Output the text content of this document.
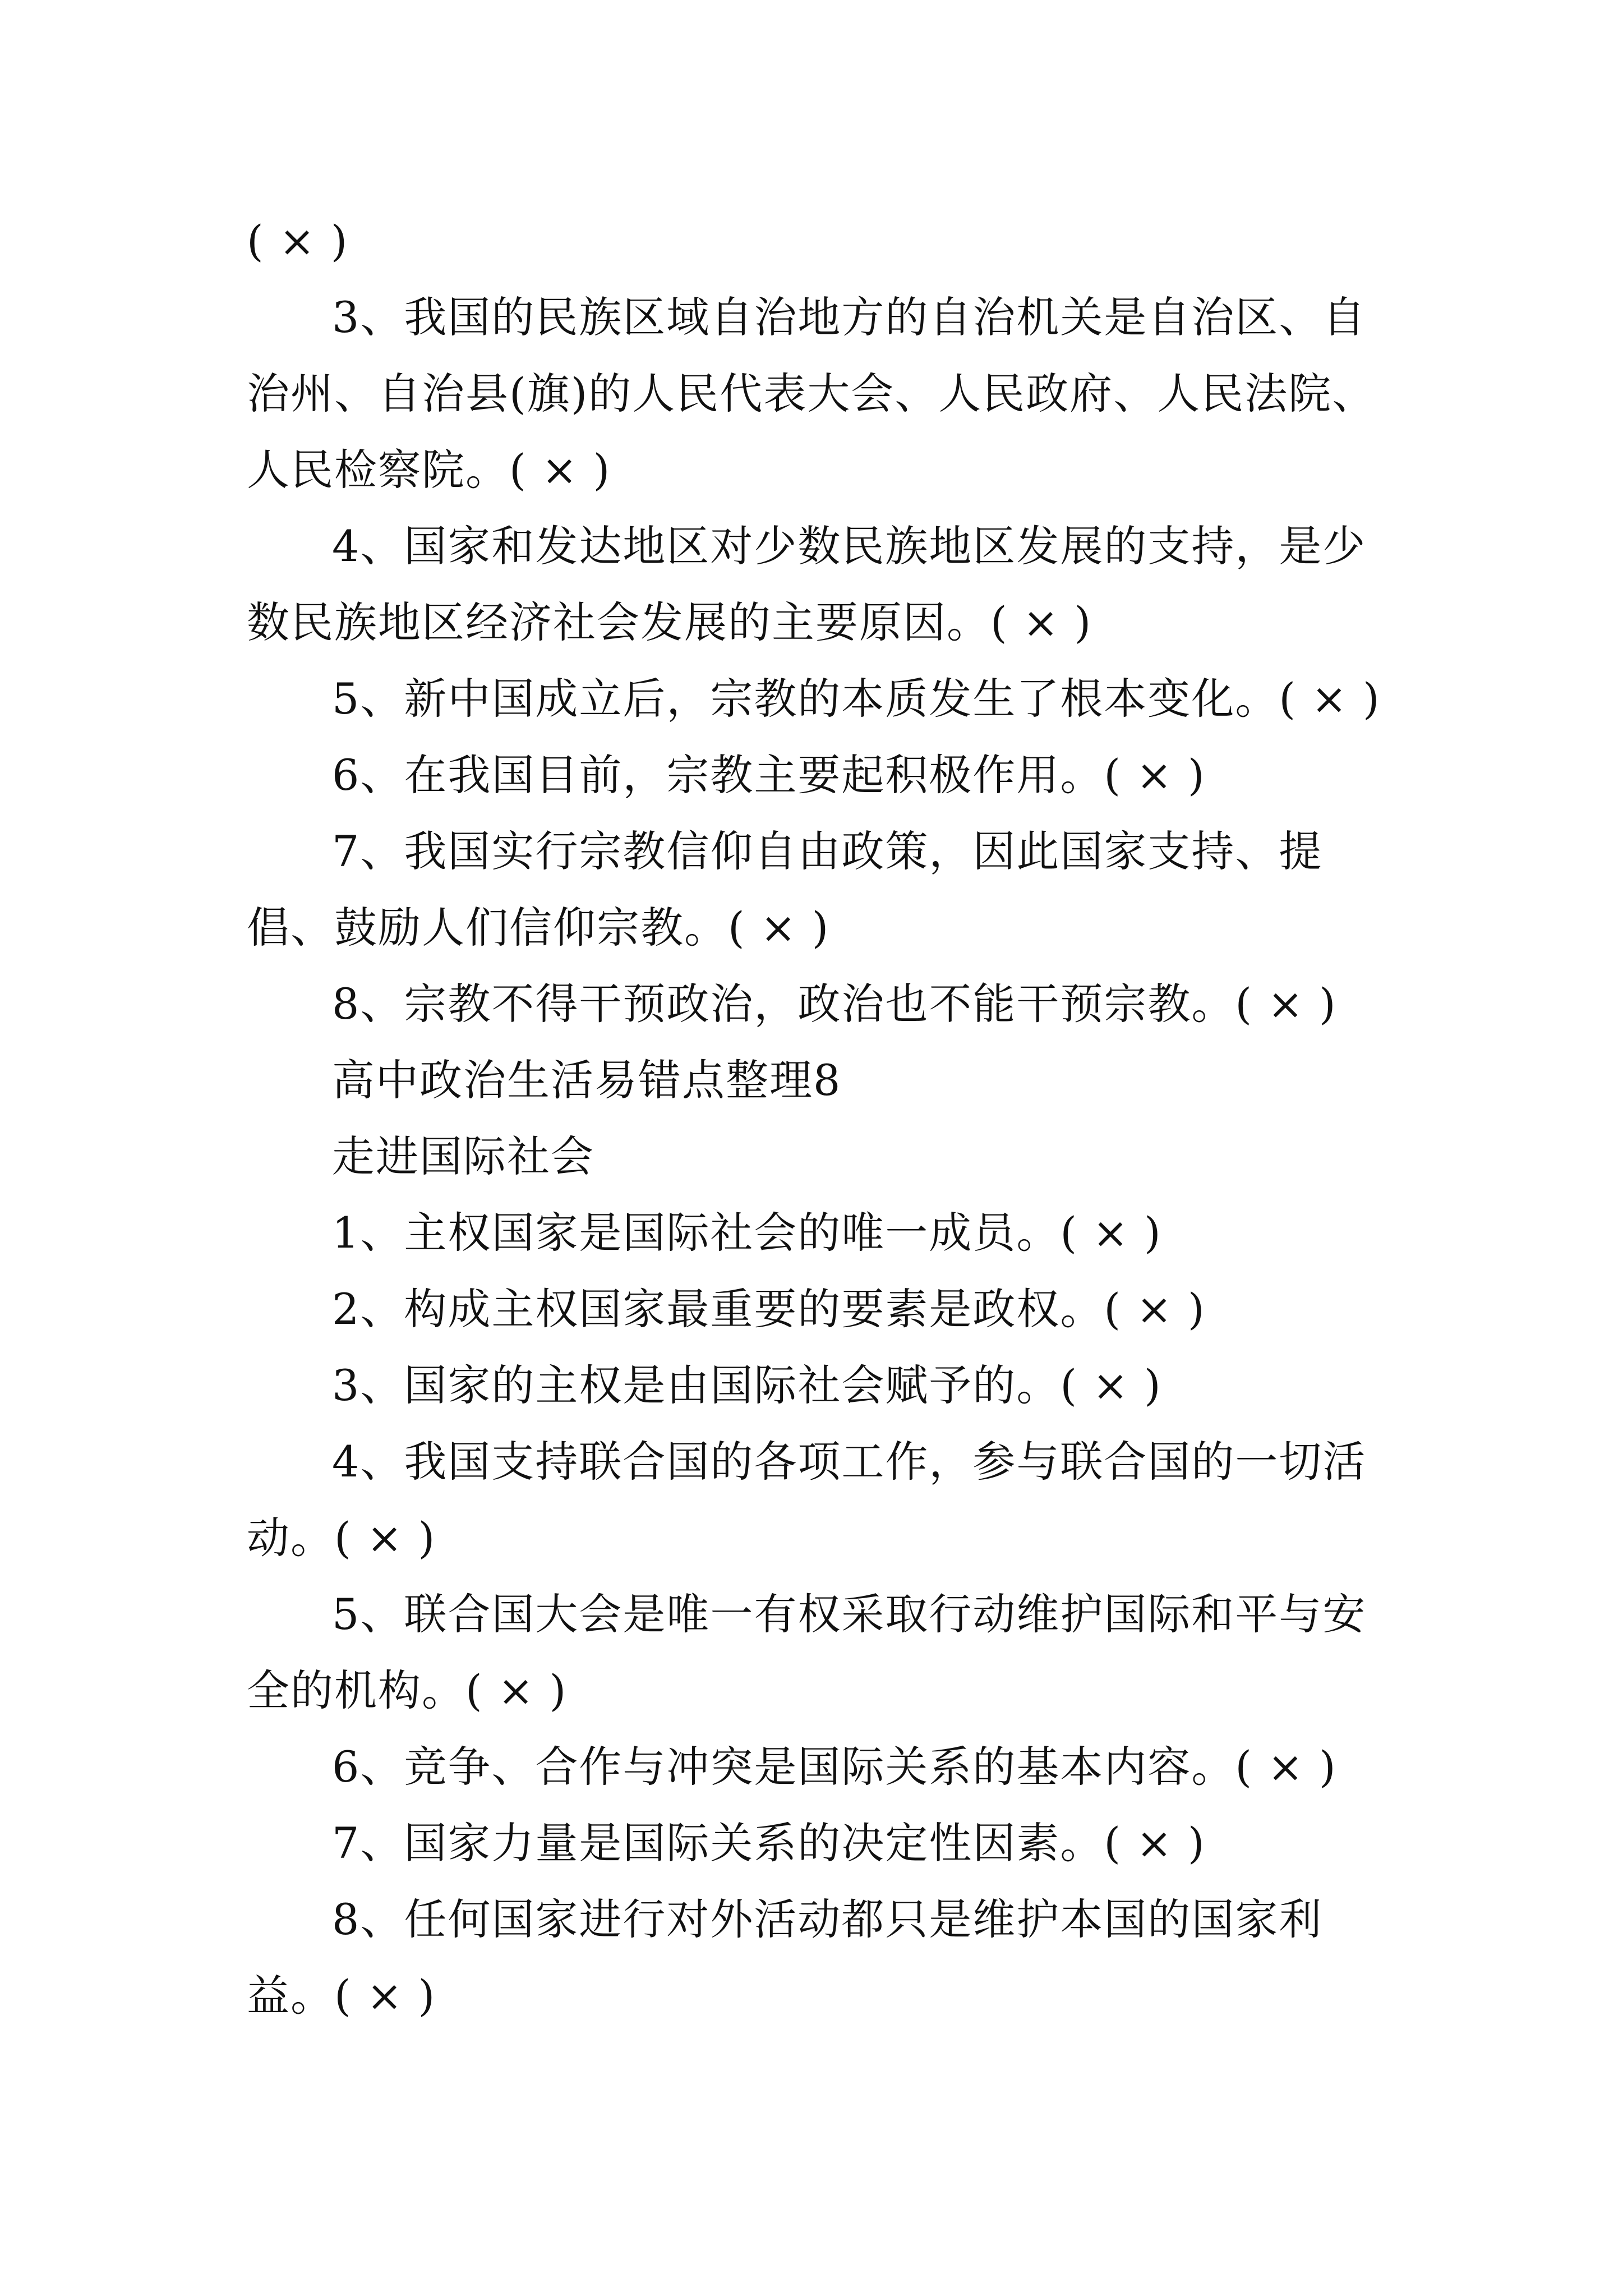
( × )

3、我国的民族区域自治地方的自治机关是自治区、自治州、自治县(旗)的人民代表大会、人民政府、人民法院、人民检察院。( × )

4、国家和发达地区对少数民族地区发展的支持，是少数民族地区经济社会发展的主要原因。( × )

5、新中国成立后，宗教的本质发生了根本变化。( × )

6、在我国目前，宗教主要起积极作用。( × )

7、我国实行宗教信仰自由政策，因此国家支持、提倡、鼓励人们信仰宗教。( × )

8、宗教不得干预政治，政治也不能干预宗教。( × )

高中政治生活易错点整理8

走进国际社会

1、主权国家是国际社会的唯一成员。( × )

2、构成主权国家最重要的要素是政权。( × )

3、国家的主权是由国际社会赋予的。( × )

4、我国支持联合国的各项工作，参与联合国的一切活动。( × )

5、联合国大会是唯一有权采取行动维护国际和平与安全的机构。( × )

6、竞争、合作与冲突是国际关系的基本内容。( × )

7、国家力量是国际关系的决定性因素。( × )

8、任何国家进行对外活动都只是维护本国的国家利益。( × )
